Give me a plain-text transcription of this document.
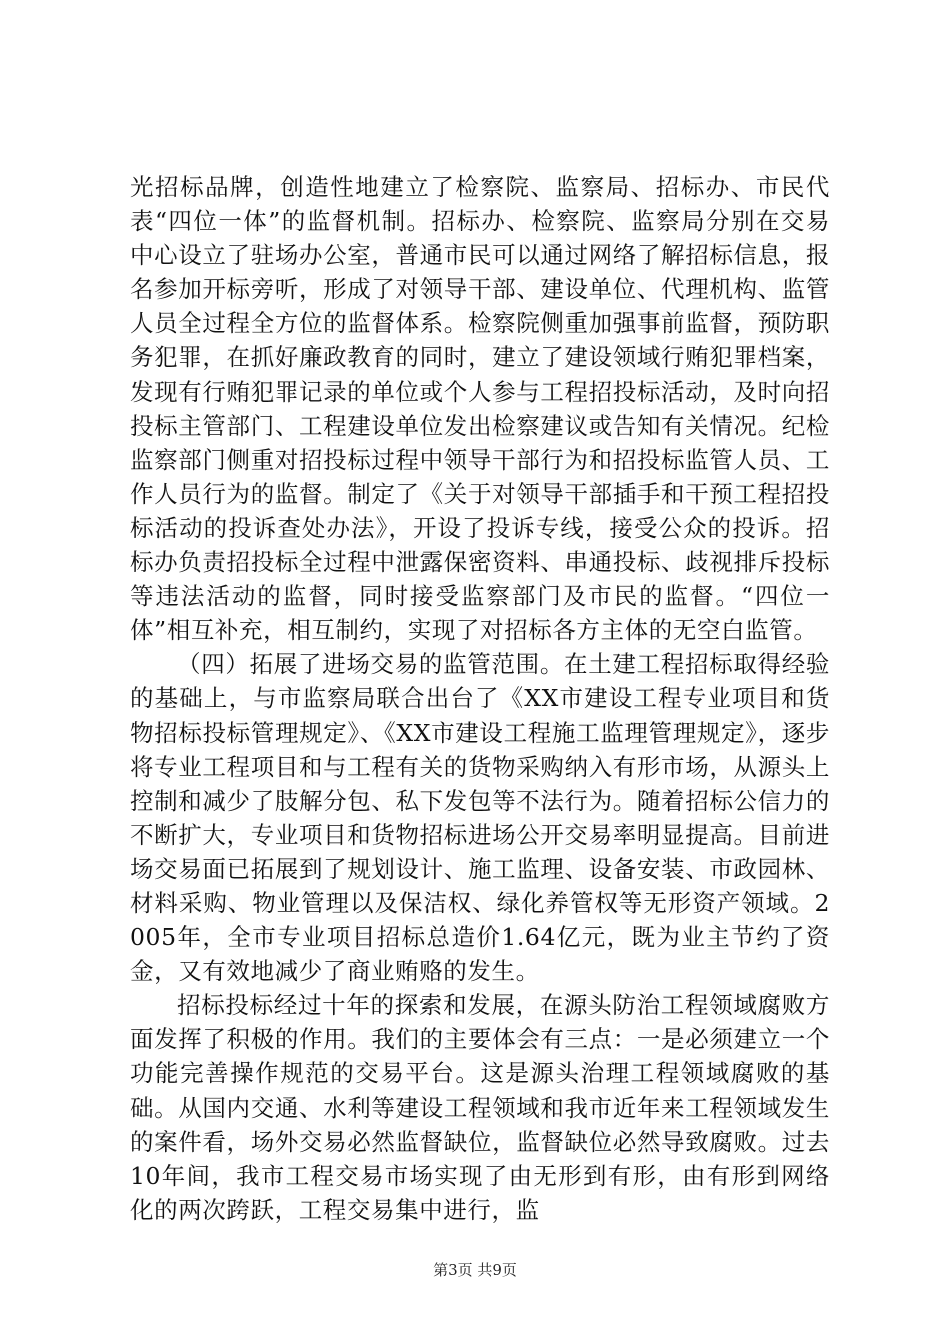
光招标品牌，创造性地建立了检察院、监察局、招标办、市民代表“四位一体”的监督机制。招标办、检察院、监察局分别在交易中心设立了驻场办公室，普通市民可以通过网络了解招标信息，报名参加开标旁听，形成了对领导干部、建设单位、代理机构、监管人员全过程全方位的监督体系。检察院侧重加强事前监督，预防职务犯罪，在抓好廉政教育的同时，建立了建设领域行贿犯罪档案，发现有行贿犯罪记录的单位或个人参与工程招投标活动，及时向招投标主管部门、工程建设单位发出检察建议或告知有关情况。纪检监察部门侧重对招投标过程中领导干部行为和招投标监管人员、工作人员行为的监督。制定了《关于对领导干部插手和干预工程招投标活动的投诉查处办法》，开设了投诉专线，接受公众的投诉。招标办负责招投标全过程中泄露保密资料、串通投标、歧视排斥投标等违法活动的监督，同时接受监察部门及市民的监督。“四位一体”相互补充，相互制约，实现了对招标各方主体的无空白监管。

（四）拓展了进场交易的监管范围。在土建工程招标取得经验的基础上，与市监察局联合出台了《XX市建设工程专业项目和货物招标投标管理规定》、《XX市建设工程施工监理管理规定》，逐步将专业工程项目和与工程有关的货物采购纳入有形市场，从源头上控制和减少了肢解分包、私下发包等不法行为。随着招标公信力的不断扩大，专业项目和货物招标进场公开交易率明显提高。目前进场交易面已拓展到了规划设计、施工监理、设备安装、市政园林、材料采购、物业管理以及保洁权、绿化养管权等无形资产领域。2005年，全市专业项目招标总造价1.64亿元，既为业主节约了资金，又有效地减少了商业贿赂的发生。

招标投标经过十年的探索和发展，在源头防治工程领域腐败方面发挥了积极的作用。我们的主要体会有三点：一是必须建立一个功能完善操作规范的交易平台。这是源头治理工程领域腐败的基础。从国内交通、水利等建设工程领域和我市近年来工程领域发生的案件看，场外交易必然监督缺位，监督缺位必然导致腐败。过去10年间，我市工程交易市场实现了由无形到有形，由有形到网络化的两次跨跃，工程交易集中进行，监

第3页 共9页
